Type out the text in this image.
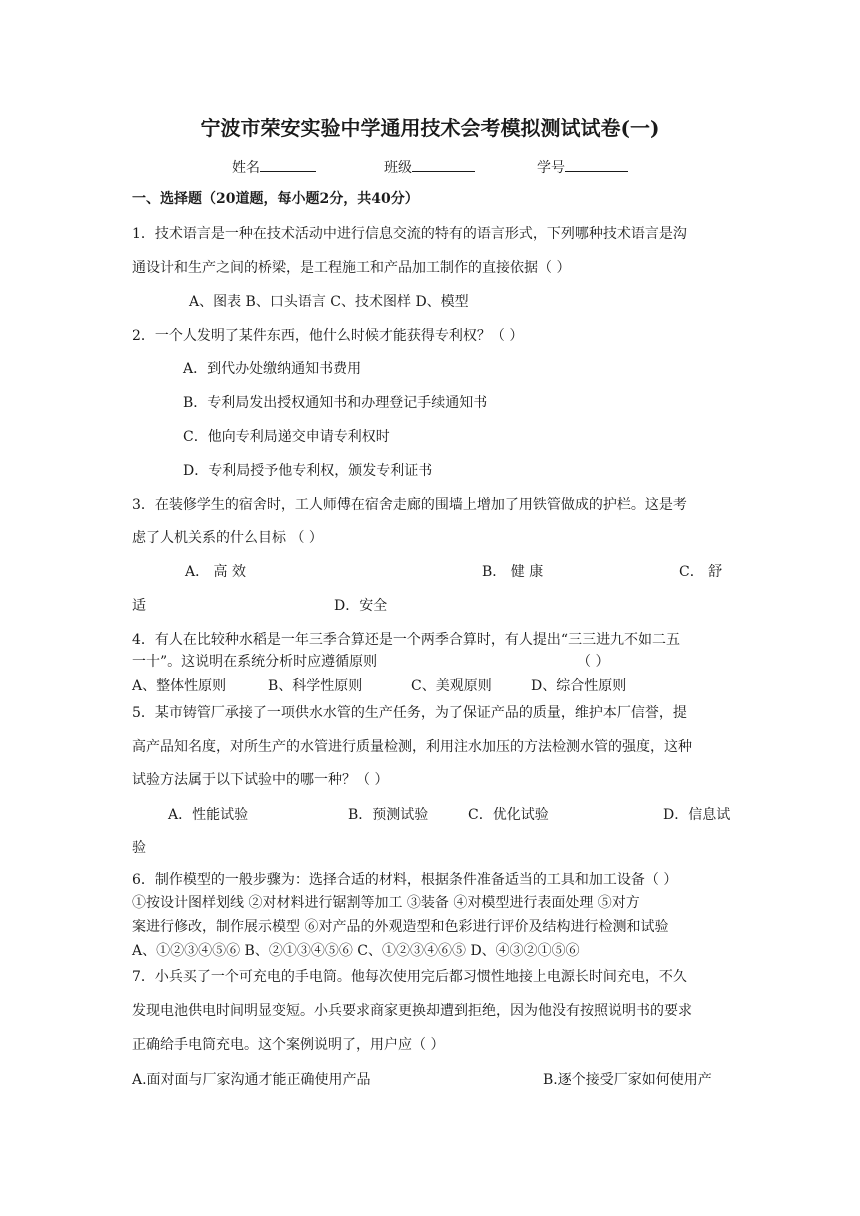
宁波市荣安实验中学通用技术会考模拟测试试卷(一)
姓名	班级	学号
一、选择题（20道题，每小题2分，共40分）
1．技术语言是一种在技术活动中进行信息交流的特有的语言形式，下列哪种技术语言是沟
通设计和生产之间的桥梁，是工程施工和产品加工制作的直接依据（ ）
A、图表 B、口头语言 C、技术图样 D、模型
2．一个人发明了某件东西，他什么时候才能获得专利权？（ ）
A．到代办处缴纳通知书费用
B．专利局发出授权通知书和办理登记手续通知书
C．他向专利局递交申请专利权时
D．专利局授予他专利权，颁发专利证书
3．在装修学生的宿舍时，工人师傅在宿舍走廊的围墙上增加了用铁管做成的护栏。这是考
虑了人机关系的什么目标 （ ）
A． 高 效	B． 健 康	C． 舒
适	D．安全
4．有人在比较种水稻是一年三季合算还是一个两季合算时，有人提出“三三进九不如二五
一十”。这说明在系统分析时应遵循原则	（ ）
A、整体性原则	B、科学性原则	C、美观原则	D、综合性原则
5．某市铸管厂承接了一项供水水管的生产任务，为了保证产品的质量，维护本厂信誉，提
高产品知名度，对所生产的水管进行质量检测，利用注水加压的方法检测水管的强度，这种
试验方法属于以下试验中的哪一种？（ ）
A．性能试验	B．预测试验	C．优化试验	D．信息试
验
6．制作模型的一般步骤为：选择合适的材料，根据条件准备适当的工具和加工设备（ ）
①按设计图样划线 ②对材料进行锯割等加工 ③装备 ④对模型进行表面处理 ⑤对方
案进行修改，制作展示模型 ⑥对产品的外观造型和色彩进行评价及结构进行检测和试验
A、①②③④⑤⑥ B、②①③④⑤⑥ C、①②③④⑥⑤ D、④③②①⑤⑥
7．小兵买了一个可充电的手电筒。他每次使用完后都习惯性地接上电源长时间充电，不久
发现电池供电时间明显变短。小兵要求商家更换却遭到拒绝，因为他没有按照说明书的要求
正确给手电筒充电。这个案例说明了，用户应（ ）
A.面对面与厂家沟通才能正确使用产品	B.逐个接受厂家如何使用产
